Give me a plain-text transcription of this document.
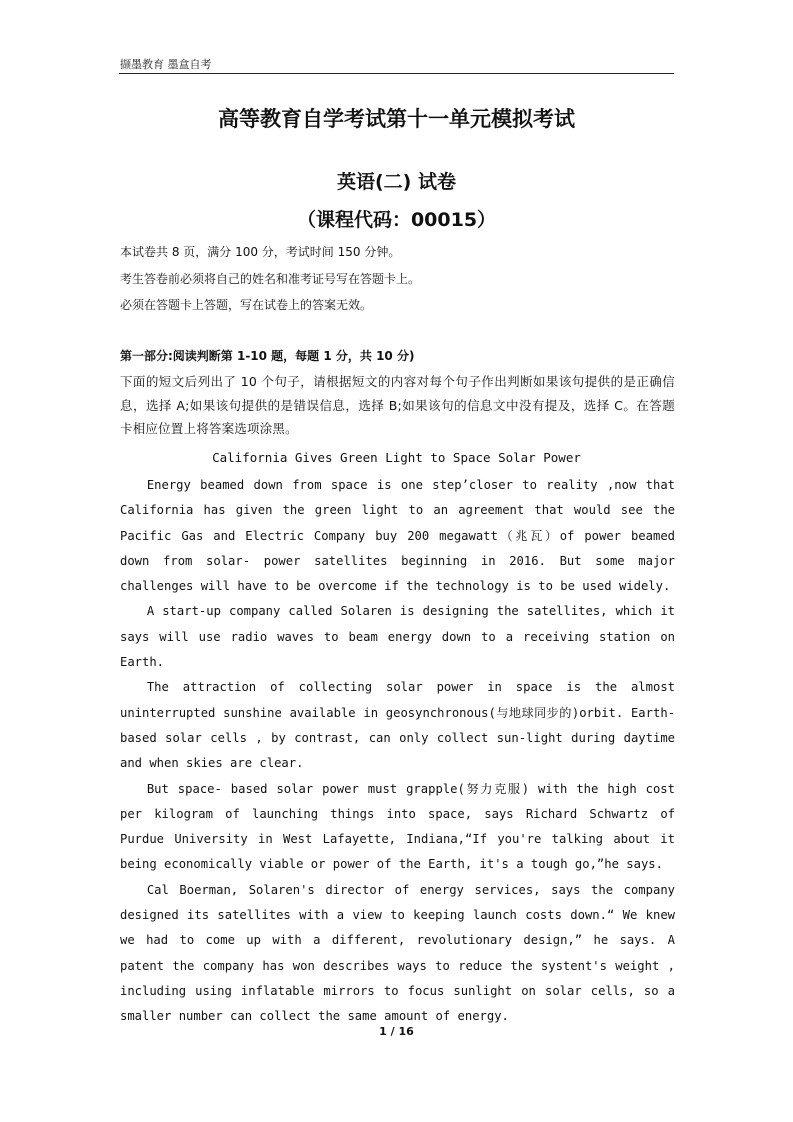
撷墨教育 墨盒自考
高等教育自学考试第十一单元模拟考试
英语(二) 试卷
（课程代码：00015）
本试卷共 8 页，满分 100 分，考试时间 150 分钟。
考生答卷前必须将自己的姓名和准考证号写在答题卡上。
必须在答题卡上答题，写在试卷上的答案无效。
第一部分:阅读判断第 1-10 题，每题 1 分，共 10 分)
下面的短文后列出了 10 个句子，请根据短文的内容对每个句子作出判断如果该句提供的是正确信息，选择 A;如果该句提供的是错误信息，选择 B;如果该句的信息文中没有提及，选择 C。在答题卡相应位置上将答案选项涂黑。
California Gives Green Light to Space Solar Power

Energy beamed down from space is one step’closer to reality ,now that California has given the green light to an agreement that would see the Pacific Gas and Electric Company buy 200 megawatt（兆瓦）of power beamed down from solar- power satellites beginning in 2016. But some major challenges will have to be overcome if the technology is to be used widely.

A start-up company called Solaren is designing the satellites, which it says will use radio waves to beam energy down to a receiving station on Earth.

The attraction of collecting solar power in space is the almost uninterrupted sunshine available in geosynchronous(与地球同步的)orbit. Earth- based solar cells , by contrast, can only collect sun-light during daytime and when skies are clear.

But space- based solar power must grapple(努力克服) with the high cost per kilogram of launching things into space, says Richard Schwartz of Purdue University in West Lafayette, Indiana,“If you're talking about it being economically viable or power of the Earth, it's a tough go,”he says.

Cal Boerman, Solaren's director of energy services, says the company designed its satellites with a view to keeping launch costs down.“ We knew we had to come up with a different, revolutionary design,” he says. A patent the company has won describes ways to reduce the systent's weight , including using inflatable mirrors to focus sunlight on solar cells, so a smaller number can collect the same amount of energy.

1 / 16
